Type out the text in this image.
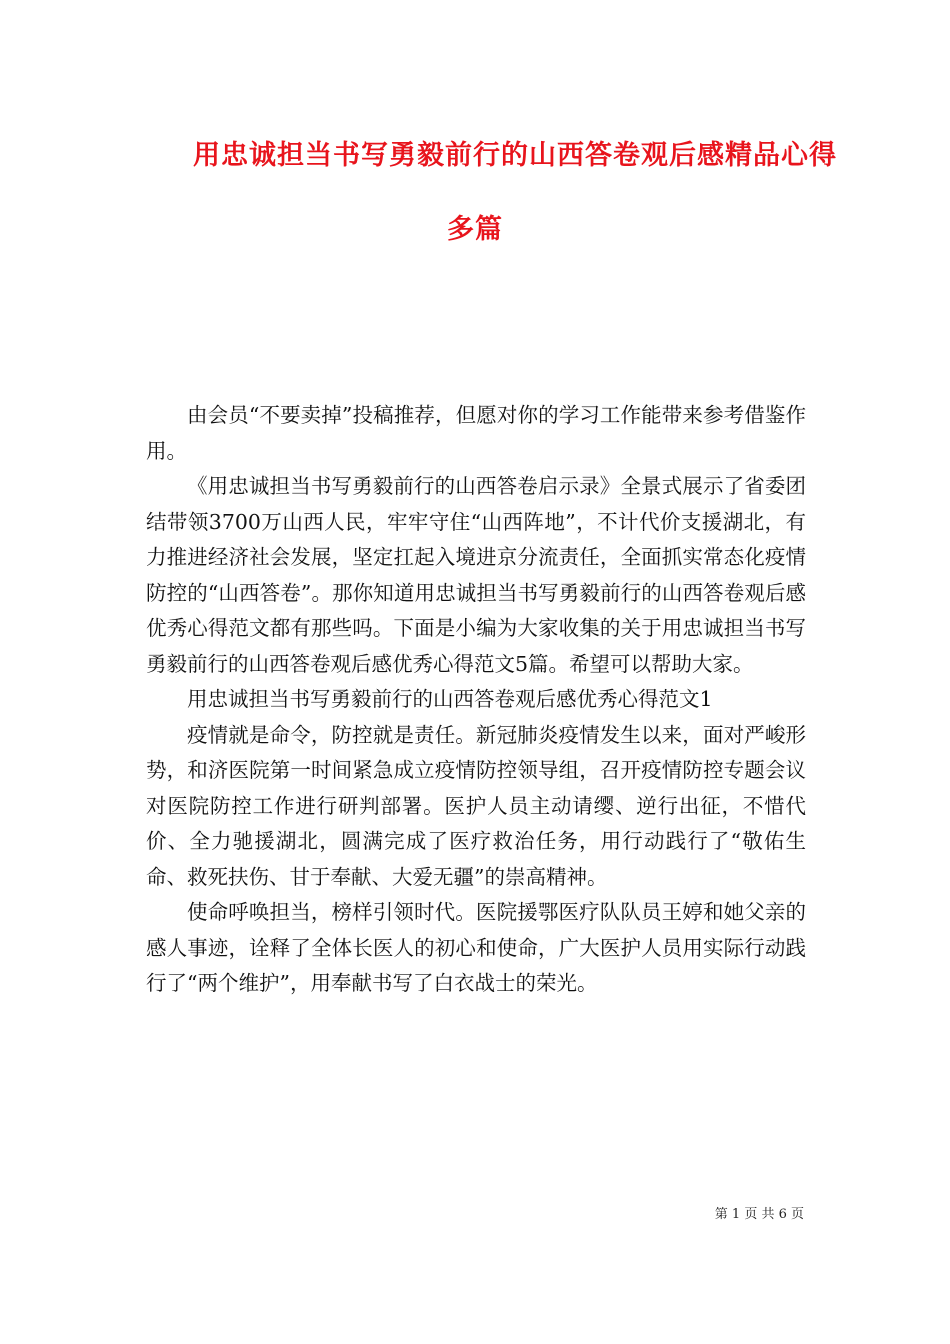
用忠诚担当书写勇毅前行的山西答卷观后感精品心得
多篇

由会员“不要卖掉”投稿推荐，但愿对你的学习工作能带来参考借鉴作用。

《用忠诚担当书写勇毅前行的山西答卷启示录》全景式展示了省委团结带领3700万山西人民，牢牢守住“山西阵地”，不计代价支援湖北，有力推进经济社会发展，坚定扛起入境进京分流责任，全面抓实常态化疫情防控的“山西答卷”。那你知道用忠诚担当书写勇毅前行的山西答卷观后感优秀心得范文都有那些吗。下面是小编为大家收集的关于用忠诚担当书写勇毅前行的山西答卷观后感优秀心得范文5篇。希望可以帮助大家。

用忠诚担当书写勇毅前行的山西答卷观后感优秀心得范文1

疫情就是命令，防控就是责任。新冠肺炎疫情发生以来，面对严峻形势，和济医院第一时间紧急成立疫情防控领导组，召开疫情防控专题会议对医院防控工作进行研判部署。医护人员主动请缨、逆行出征，不惜代价、全力驰援湖北，圆满完成了医疗救治任务，用行动践行了“敬佑生命、救死扶伤、甘于奉献、大爱无疆”的崇高精神。

使命呼唤担当，榜样引领时代。医院援鄂医疗队队员王婷和她父亲的感人事迹，诠释了全体长医人的初心和使命，广大医护人员用实际行动践行了“两个维护”，用奉献书写了白衣战士的荣光。

第 1 页 共 6 页
